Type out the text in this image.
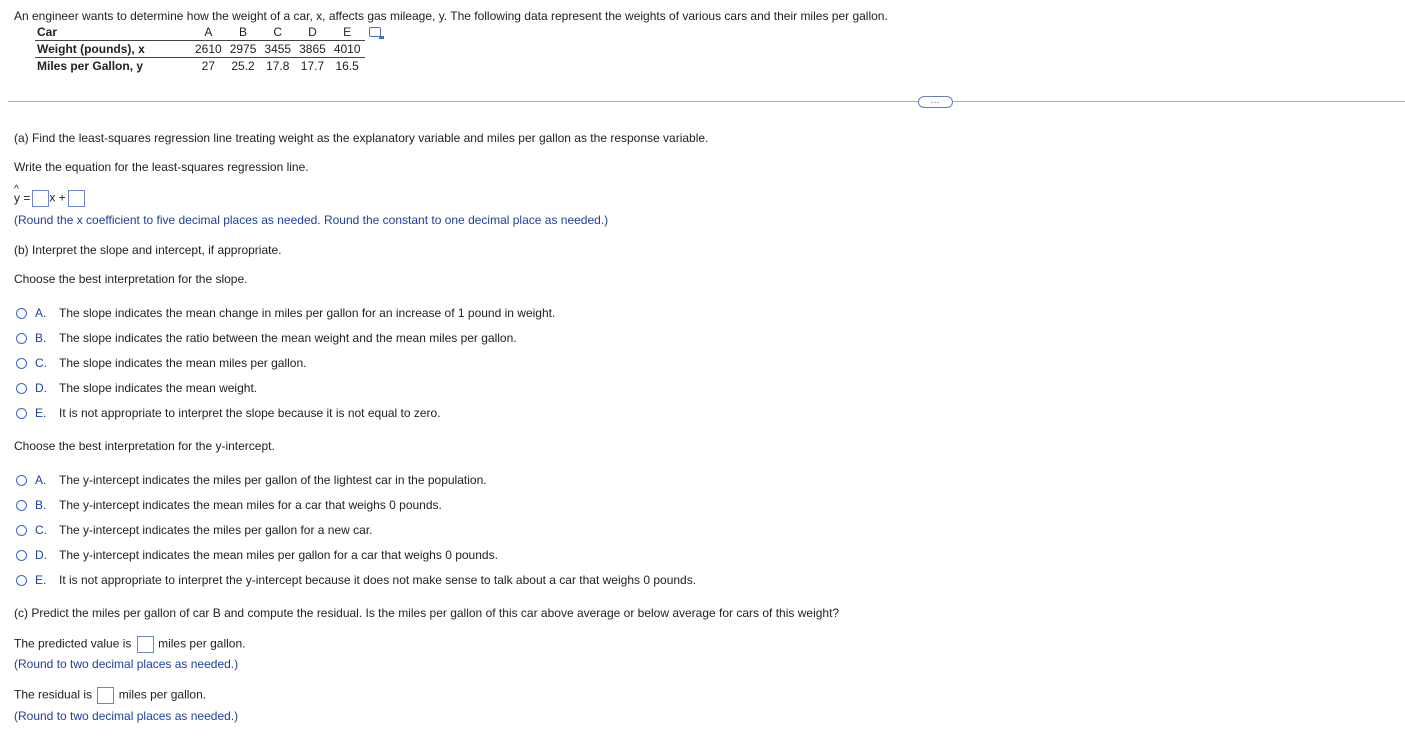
An engineer wants to determine how the weight of a car, x, affects gas mileage, y. The following data represent the weights of various cars and their miles per gallon.
Car	A	B	C	D	E	
Weight (pounds), x	2610	2975	3455	3865	4010	
Miles per Gallon, y	27	25.2	17.8	17.7	16.5	
…
(a) Find the least-squares regression line treating weight as the explanatory variable and miles per gallon as the response variable.
Write the equation for the least-squares regression line.
^ y = x +
(Round the x coefficient to five decimal places as needed. Round the constant to one decimal place as needed.)
(b) Interpret the slope and intercept, if appropriate.
Choose the best interpretation for the slope.
A. The slope indicates the mean change in miles per gallon for an increase of 1 pound in weight.
B. The slope indicates the ratio between the mean weight and the mean miles per gallon.
C. The slope indicates the mean miles per gallon.
D. The slope indicates the mean weight.
E. It is not appropriate to interpret the slope because it is not equal to zero.
Choose the best interpretation for the y-intercept.
A. The y-intercept indicates the miles per gallon of the lightest car in the population.
B. The y-intercept indicates the mean miles for a car that weighs 0 pounds.
C. The y-intercept indicates the miles per gallon for a new car.
D. The y-intercept indicates the mean miles per gallon for a car that weighs 0 pounds.
E. It is not appropriate to interpret the y-intercept because it does not make sense to talk about a car that weighs 0 pounds.
(c) Predict the miles per gallon of car B and compute the residual. Is the miles per gallon of this car above average or below average for cars of this weight?
The predicted value is miles per gallon.
(Round to two decimal places as needed.)
The residual is miles per gallon.
(Round to two decimal places as needed.)
